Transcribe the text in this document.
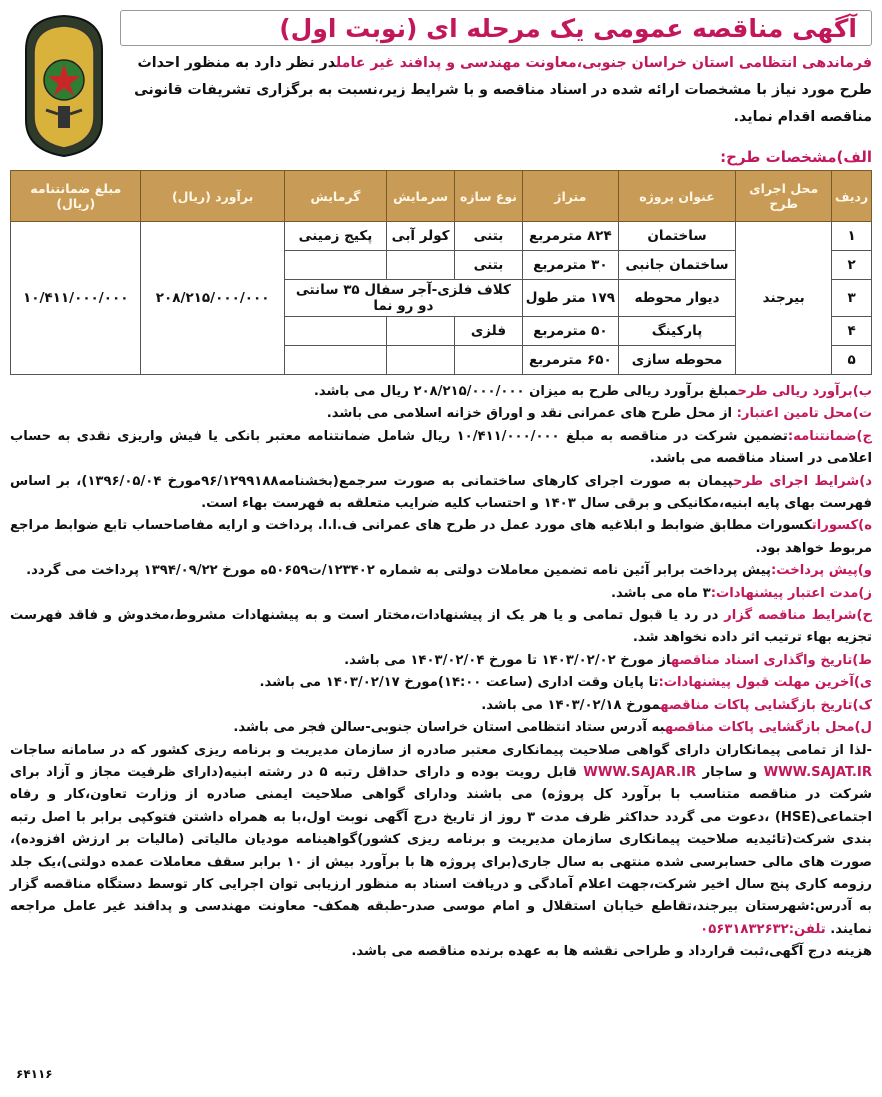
آگهی مناقصه عمومی یک مرحله ای (نوبت اول)
فرماندهی انتظامی استان خراسان جنوبی،معاونت مهندسی و پدافند غیر عاملدر نظر دارد به منظور احداث طرح مورد نیاز با مشخصات ارائه شده در اسناد مناقصه و با شرایط زیر،نسبت به برگزاری تشریفات قانونی مناقصه اقدام نماید.
الف)مشخصات طرح:
ردیف	محل اجرای طرح	عنوان پروژه	متراژ	نوع سازه	سرمایش	گرمایش	برآورد (ریال)	مبلغ ضمانتنامه (ریال)
۱	بیرجند	ساختمان	۸۲۴ مترمربع	بتنی	کولر آبی	پکیج زمینی	۲۰۸/۲۱۵/۰۰۰/۰۰۰	۱۰/۴۱۱/۰۰۰/۰۰۰
۲		ساختمان جانبی	۳۰ مترمربع	بتنی				
۳		دیوار محوطه	۱۷۹ متر طول	کلاف فلزی-آجر سفال ۳۵ سانتی دو رو نما				
۴		پارکینگ	۵۰ مترمربع	فلزی				
۵		محوطه سازی	۶۵۰ مترمربع					

ب)برآورد ریالی طرحمبلغ برآورد ریالی طرح به میزان ۲۰۸/۲۱۵/۰۰۰/۰۰۰ ریال می باشد.

ت)محل تامین اعتبار: از محل طرح های عمرانی نقد و اوراق خزانه اسلامی می باشد.

ج)ضمانتنامه:تضمین شرکت در مناقصه به مبلغ ۱۰/۴۱۱/۰۰۰/۰۰۰ ریال شامل ضمانتنامه معتبر بانکی یا فیش واریزی نقدی به حساب اعلامی در اسناد مناقصه می باشد.

د)شرایط اجرای طرحپیمان به صورت اجرای کارهای ساختمانی به صورت سرجمع(بخشنامه۹۶/۱۲۹۹۱۸۸مورخ ۱۳۹۶/۰۵/۰۴)، بر اساس فهرست بهای پایه ابنیه،مکانیکی و برقی سال ۱۴۰۳ و احتساب کلیه ضرایب متعلقه به فهرست بهاء است.

ه)کسوراتکسورات مطابق ضوابط و ابلاغیه های مورد عمل در طرح های عمرانی ف.ا.ا. پرداخت و ارایه مفاصاحساب تابع ضوابط مراجع مربوط خواهد بود.

و)پیش پرداخت:پیش پرداخت برابر آئین نامه تضمین معاملات دولتی به شماره ۱۲۳۴۰۲/ت۵۰۶۵۹ه مورخ ۱۳۹۴/۰۹/۲۲ پرداخت می گردد.

ز)مدت اعتبار پیشنهادات:۳ ماه می باشد.

ح)شرایط مناقصه گزار در رد یا قبول تمامی و یا هر یک از پیشنهادات،مختار است و به پیشنهادات مشروط،مخدوش و فاقد فهرست تجزیه بهاء ترتیب اثر داده نخواهد شد.

ط)تاریخ واگذاری اسناد مناقصهاز مورخ ۱۴۰۳/۰۲/۰۲ تا مورخ ۱۴۰۳/۰۲/۰۴ می باشد.

ی)آخرین مهلت قبول پیشنهادات:تا پایان وقت اداری (ساعت ۱۴:۰۰)مورخ ۱۴۰۳/۰۲/۱۷ می باشد.

ک)تاریخ بازگشایی پاکات مناقصهمورخ ۱۴۰۳/۰۲/۱۸ می باشد.

ل)محل بازگشایی پاکات مناقصهبه آدرس ستاد انتظامی استان خراسان جنوبی-سالن فجر می باشد.

-لذا از تمامی پیمانکاران دارای گواهی صلاحیت پیمانکاری معتبر صادره از سازمان مدیریت و برنامه ریزی کشور که در سامانه ساجات WWW.SAJAT.IR و ساجار WWW.SAJAR.IR قابل رویت بوده و دارای حداقل رتبه ۵ در رشته ابنیه(دارای ظرفیت مجاز و آزاد برای شرکت در مناقصه متناسب با برآورد کل پروژه) می باشند ودارای گواهی صلاحیت ایمنی صادره از وزارت تعاون،کار و رفاه اجتماعی(HSE) ،دعوت می گردد حداکثر ظرف مدت ۳ روز از تاریخ درج آگهی نوبت اول،با به همراه داشتن فتوکپی برابر با اصل رتبه بندی شرکت(تائیدیه صلاحیت پیمانکاری سازمان مدیریت و برنامه ریزی کشور)گواهینامه مودیان مالیاتی (مالیات بر ارزش افزوده)، صورت های مالی حسابرسی شده منتهی به سال جاری(برای پروژه ها با برآورد بیش از ۱۰ برابر سقف معاملات عمده دولتی)،یک جلد رزومه کاری پنج سال اخیر شرکت،جهت اعلام آمادگی و دریافت اسناد به منظور ارزیابی توان اجرایی کار توسط دستگاه مناقصه گزار به آدرس:شهرستان بیرجند،تقاطع خیابان استقلال و امام موسی صدر-طبقه همکف- معاونت مهندسی و پدافند غیر عامل مراجعه نمایند. تلفن:۰۵۶۳۱۸۳۲۶۳۲

هزینه درج آگهی،ثبت قرارداد و طراحی نقشه ها به عهده برنده مناقصه می باشد.

۶۴۱۱۶
